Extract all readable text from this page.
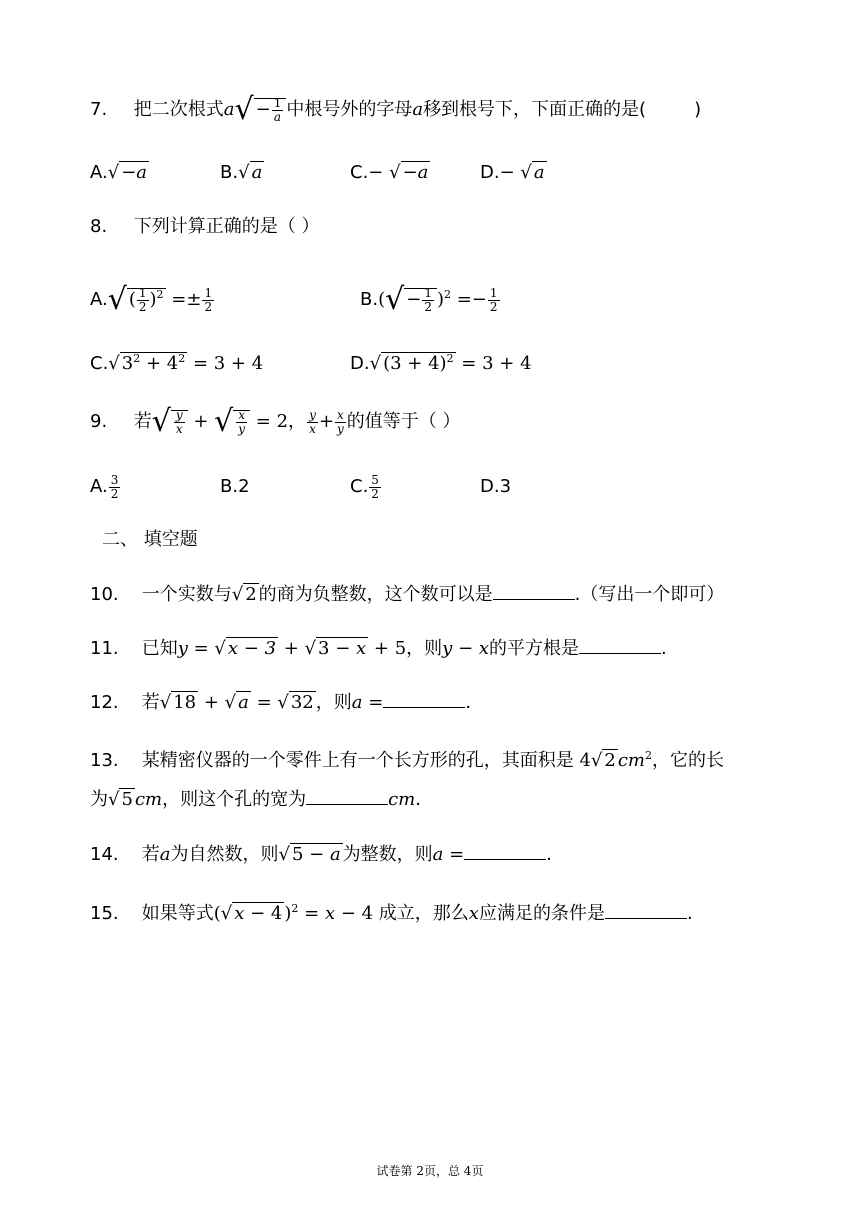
7. 把二次根式$a√ - \frac{1}{a}$ 中根号外的字母a移到根号下，下面正确的是(	)
A.√ −a	B.√ a	C.− √ −a	D.− √ a
8. 下列计算正确的是（ ）
A.√ ( $\frac{1}{2} )^2 =\pm \frac{1}{2}$	$B.(√ - \frac{1}{2} )^2 =- \frac{1}{2}$
C.√ $3^2 + 4^2 = 3 + 4$	D.√ $(3 + 4)^2 = 3 + 4$
9. 若√ $\frac{y}{x}$ + √ $\frac{x}{y} = 2$， $\frac{y}{x} + \frac{x}{y}$ 的值等于（ ）
A. $\frac{3}{2}$	B.2	C. $\frac{5}{2}$	D.3
二、 填空题
10. 一个实数与√ 2 的商为负整数，这个数可以是	.（写出一个即可）
11. 已知y = √ x − 3 + √ 3 − x + 5，则y − x的平方根是	.
12. 若√ 18 + √ a = √ 32 ，则a =	.
13. 某精密仪器的一个零件上有一个长方形的孔，其面积是 4√ 2 $cm^2$，它的长
为√ 5 cm，则这个孔的宽为	cm.
14. 若a为自然数，则√ 5 − a 为整数，则a =	.
15. 如果等式(√ x − 4 )$^2$ = x − 4 成立，那么x应满足的条件是	.
试卷第 2页，总 4页
